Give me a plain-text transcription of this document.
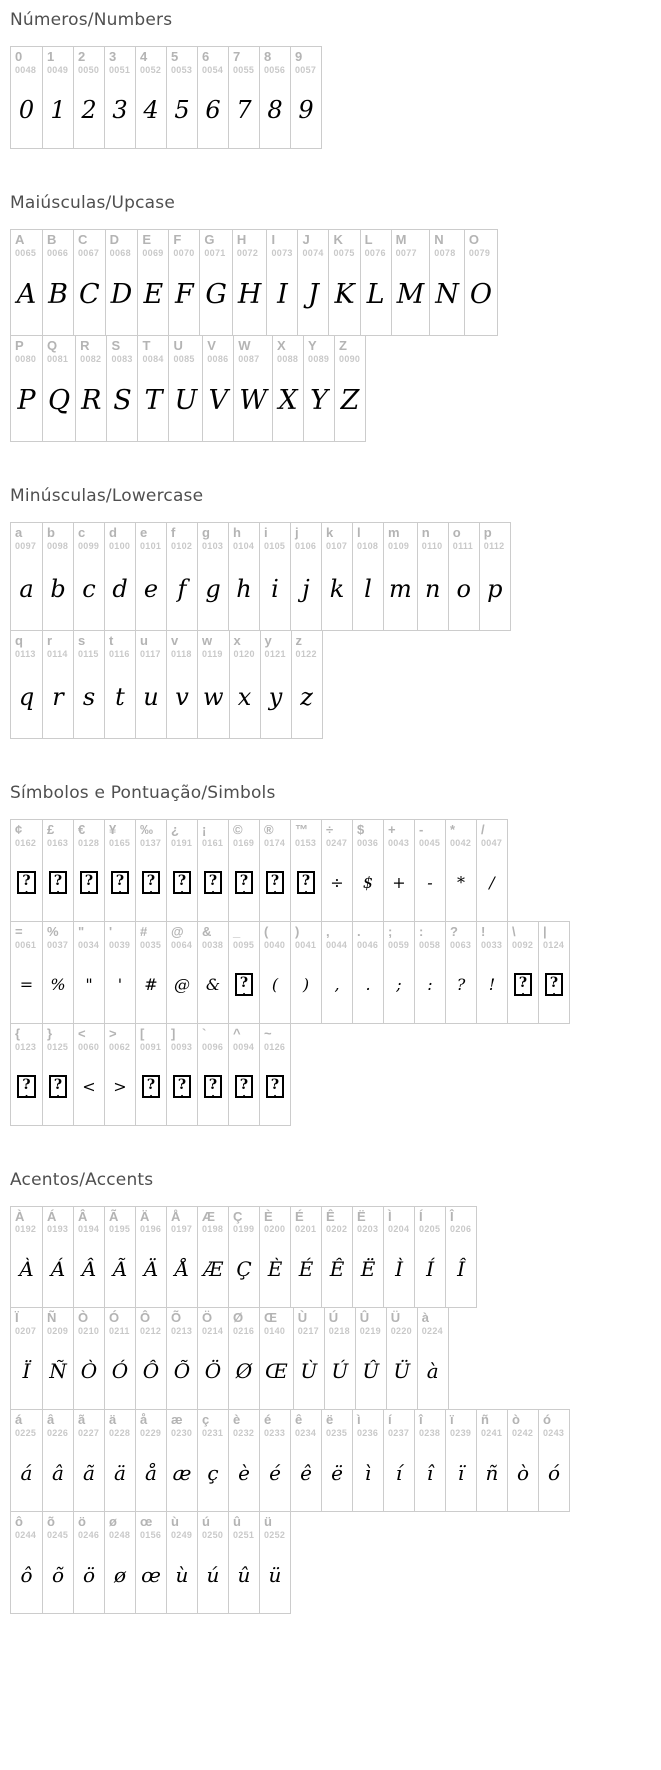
Números/Numbers
0
0048
0
1
0049
1
2
0050
2
3
0051
3
4
0052
4
5
0053
5
6
0054
6
7
0055
7
8
0056
8
9
0057
9
Maiúsculas/Upcase
A
0065
A
B
0066
B
C
0067
C
D
0068
D
E
0069
E
F
0070
F
G
0071
G
H
0072
H
I
0073
I
J
0074
J
K
0075
K
L
0076
L
M
0077
M
N
0078
N
O
0079
O
P
0080
P
Q
0081
Q
R
0082
R
S
0083
S
T
0084
T
U
0085
U
V
0086
V
W
0087
W
X
0088
X
Y
0089
Y
Z
0090
Z
Minúsculas/Lowercase
a
0097
a
b
0098
b
c
0099
c
d
0100
d
e
0101
e
f
0102
f
g
0103
g
h
0104
h
i
0105
i
j
0106
j
k
0107
k
l
0108
l
m
0109
m
n
0110
n
o
0111
o
p
0112
p
q
0113
q
r
0114
r
s
0115
s
t
0116
t
u
0117
u
v
0118
v
w
0119
w
x
0120
x
y
0121
y
z
0122
z
Símbolos e Pontuação/Simbols
¢
0162
? .
£
0163
? .
€
0128
? .
¥
0165
? .
‰
0137
? .
¿
0191
? .
¡
0161
? .
©
0169
? .
®
0174
? .
™
0153
? .
÷
0247
÷
$
0036
$
+
0043
+
-
0045
-
*
0042
*
/
0047
/
=
0061
=
%
0037
%
"
0034
"
'
0039
'
#
0035
#
@
0064
@
&
0038
&
_
0095
? .
(
0040
(
)
0041
)
,
0044
,
.
0046
.
;
0059
;
:
0058
:
?
0063
?
!
0033
!
\
0092
? .
|
0124
? .
{
0123
? .
}
0125
? .
<
0060
<
>
0062
>
[
0091
? .
]
0093
? .
`
0096
? .
^
0094
? .
~
0126
? .
Acentos/Accents
À
0192
À
Á
0193
Á
Â
0194
Â
Ã
0195
Ã
Ä
0196
Ä
Å
0197
Å
Æ
0198
Æ
Ç
0199
Ç
È
0200
È
É
0201
É
Ê
0202
Ê
Ë
0203
Ë
Ì
0204
Ì
Í
0205
Í
Î
0206
Î
Ï
0207
Ï
Ñ
0209
Ñ
Ò
0210
Ò
Ó
0211
Ó
Ô
0212
Ô
Õ
0213
Õ
Ö
0214
Ö
Ø
0216
Ø
Œ
0140
Œ
Ù
0217
Ù
Ú
0218
Ú
Û
0219
Û
Ü
0220
Ü
à
0224
à
á
0225
á
â
0226
â
ã
0227
ã
ä
0228
ä
å
0229
å
æ
0230
æ
ç
0231
ç
è
0232
è
é
0233
é
ê
0234
ê
ë
0235
ë
ì
0236
ì
í
0237
í
î
0238
î
ï
0239
ï
ñ
0241
ñ
ò
0242
ò
ó
0243
ó
ô
0244
ô
õ
0245
õ
ö
0246
ö
ø
0248
ø
œ
0156
œ
ù
0249
ù
ú
0250
ú
û
0251
û
ü
0252
ü
